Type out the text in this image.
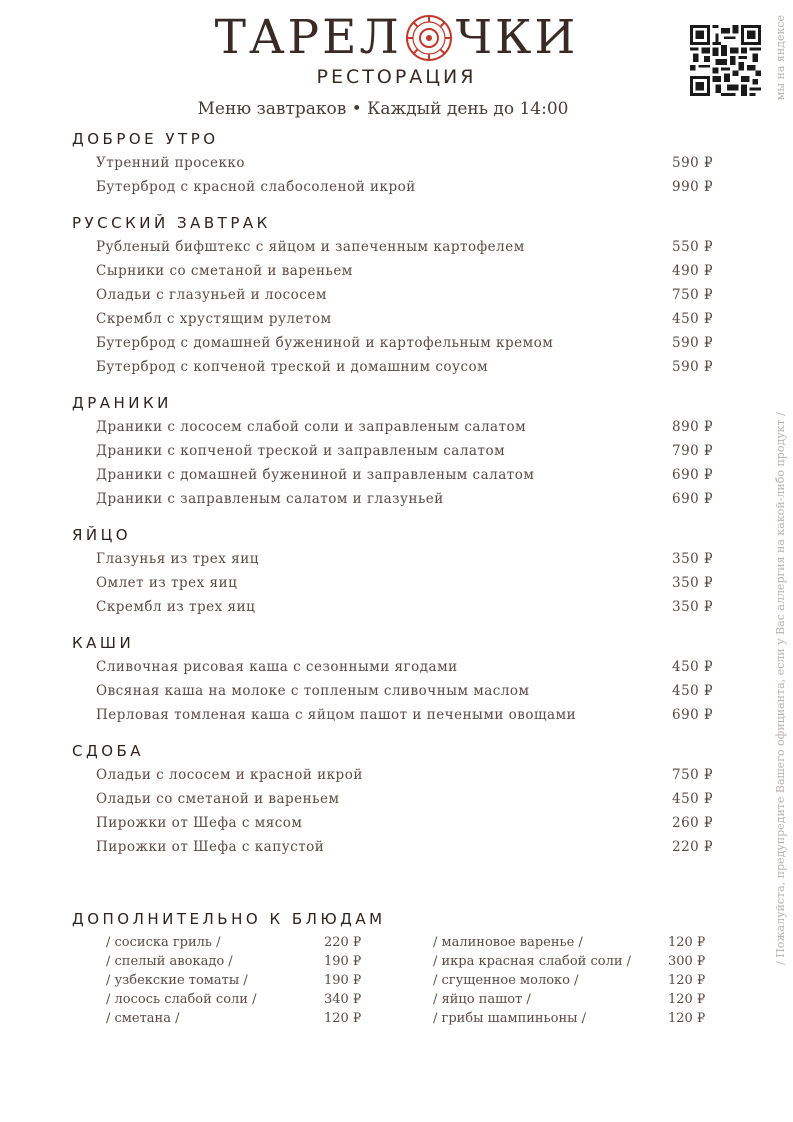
ТАРЕЛ ЧКИ
РЕСТОРАЦИЯ
Меню завтраков • Каждый день до 14:00
/ Пожалуйста, предупредите Вашего официанта, если у Вас аллергия на какой-либо продукт /
мы на яндексе
ДОБРОЕ УТРО
Утренний просекко	590 ₽
Бутерброд с красной слабосоленой икрой	990 ₽
РУССКИЙ ЗАВТРАК
Рубленый бифштекс с яйцом и запеченным картофелем	550 ₽
Сырники со сметаной и вареньем	490 ₽
Оладьи с глазуньей и лососем	750 ₽
Скрембл с хрустящим рулетом	450 ₽
Бутерброд с домашней бужениной и картофельным кремом	590 ₽
Бутерброд с копченой треской и домашним соусом	590 ₽
ДРАНИКИ
Драники с лососем слабой соли и заправленым салатом	890 ₽
Драники с копченой треской и заправленым салатом	790 ₽
Драники с домашней бужениной и заправленым салатом	690 ₽
Драники с заправленым салатом и глазуньей	690 ₽
ЯЙЦО
Глазунья из трех яиц	350 ₽
Омлет из трех яиц	350 ₽
Скрембл из трех яиц	350 ₽
КАШИ
Сливочная рисовая каша с сезонными ягодами	450 ₽
Овсяная каша на молоке с топленым сливочным маслом	450 ₽
Перловая томленая каша с яйцом пашот и печеными овощами	690 ₽
СДОБА
Оладьи с лососем и красной икрой	750 ₽
Оладьи со сметаной и вареньем	450 ₽
Пирожки от Шефа с мясом	260 ₽
Пирожки от Шефа с капустой	220 ₽
ДОПОЛНИТЕЛЬНО К БЛЮДАМ
/ сосиска гриль /	220 ₽
/ спелый авокадо /	190 ₽
/ узбекские томаты /	190 ₽
/ лосось слабой соли /	340 ₽
/ сметана /	120 ₽
/ малиновое варенье /	120 ₽
/ икра красная слабой соли /	300 ₽
/ сгущенное молоко /	120 ₽
/ яйцо пашот /	120 ₽
/ грибы шампиньоны /	120 ₽
